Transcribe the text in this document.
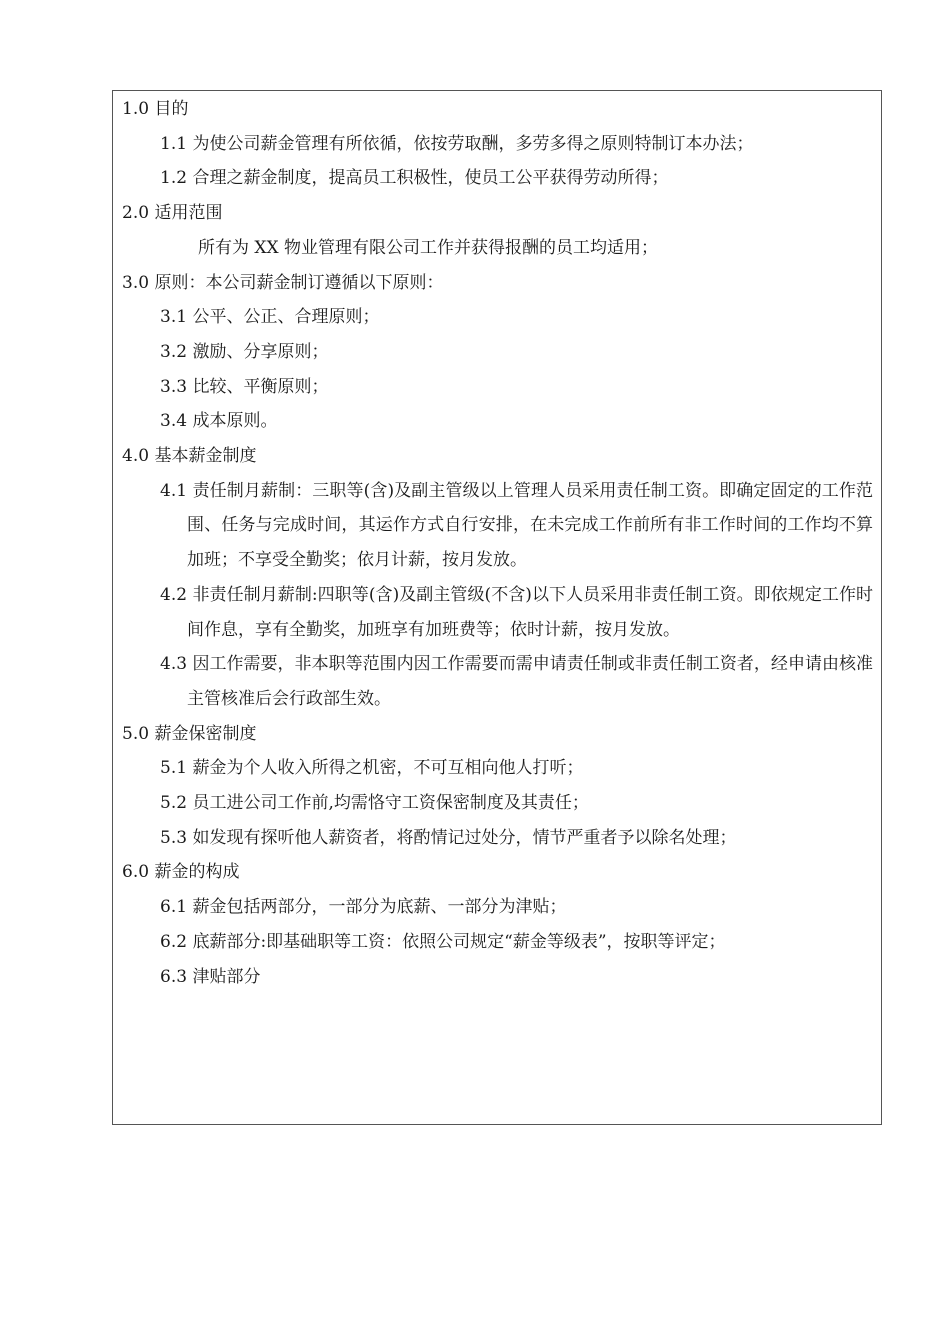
1.0 目的

1.1 为使公司薪金管理有所依循，依按劳取酬，多劳多得之原则特制订本办法；
1.2 合理之薪金制度，提高员工积极性，使员工公平获得劳动所得；

2.0 适用范围

所有为 XX 物业管理有限公司工作并获得报酬的员工均适用；

3.0 原则：本公司薪金制订遵循以下原则：

3.1 公平、公正、合理原则；
3.2 激励、分享原则；
3.3 比较、平衡原则；
3.4 成本原则。

4.0 基本薪金制度

4.1 责任制月薪制：三职等(含)及副主管级以上管理人员采用责任制工资。即确定固定的工作范围、任务与完成时间，其运作方式自行安排，在未完成工作前所有非工作时间的工作均不算加班；不享受全勤奖；依月计薪，按月发放。
4.2 非责任制月薪制:四职等(含)及副主管级(不含)以下人员采用非责任制工资。即依规定工作时间作息，享有全勤奖，加班享有加班费等；依时计薪，按月发放。
4.3 因工作需要，非本职等范围内因工作需要而需申请责任制或非责任制工资者，经申请由核准主管核准后会行政部生效。

5.0 薪金保密制度

5.1 薪金为个人收入所得之机密，不可互相向他人打听；
5.2 员工进公司工作前,均需恪守工资保密制度及其责任；
5.3 如发现有探听他人薪资者，将酌情记过处分，情节严重者予以除名处理；

6.0 薪金的构成

6.1 薪金包括两部分，一部分为底薪、一部分为津贴；
6.2 底薪部分:即基础职等工资：依照公司规定“薪金等级表”，按职等评定；
6.3 津贴部分
